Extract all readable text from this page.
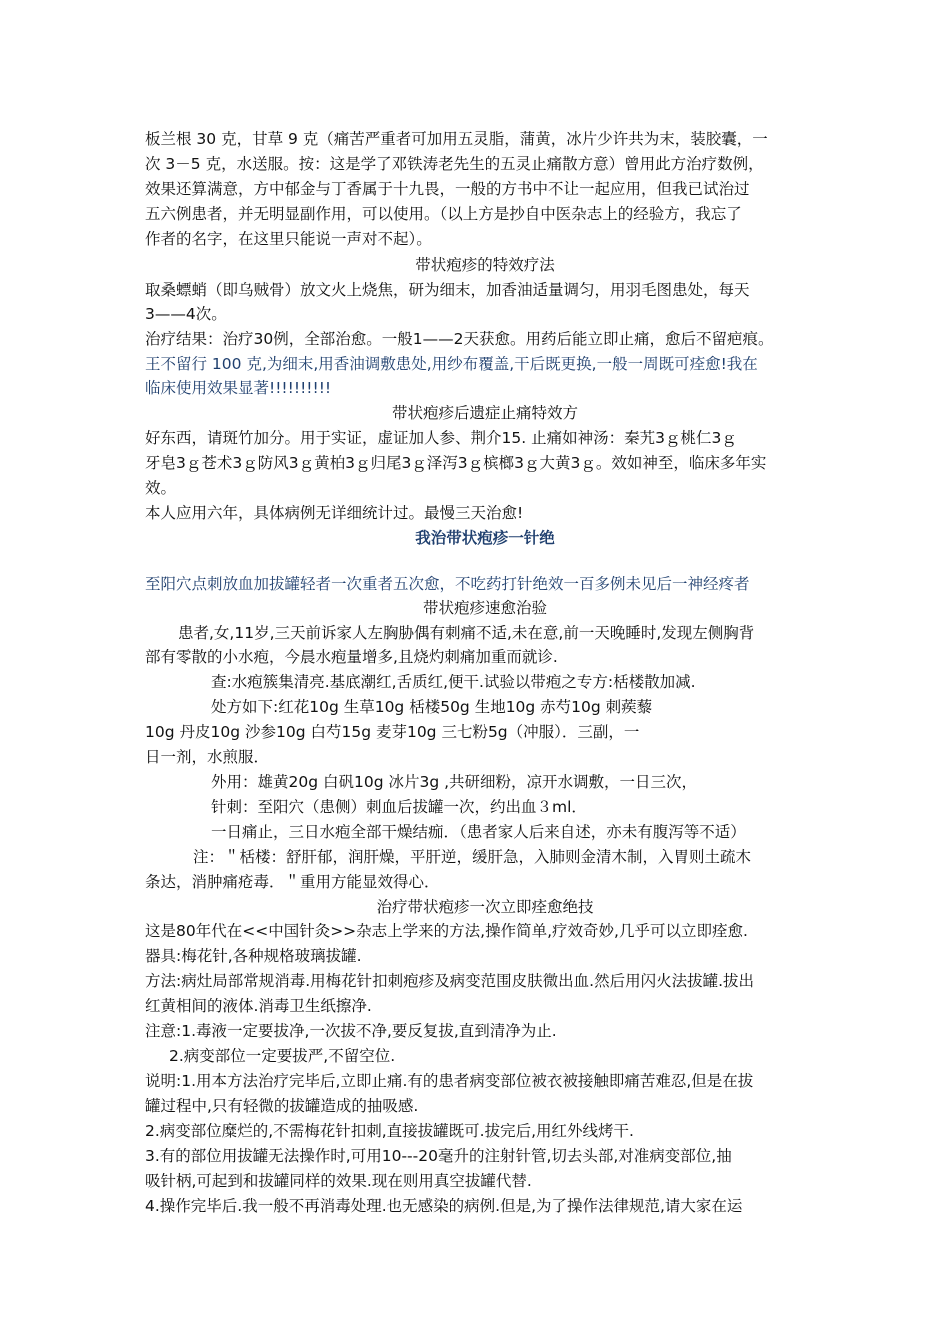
板兰根 30 克，甘草 9 克（痛苦严重者可加用五灵脂，蒲黄，冰片少许共为末，装胶囊，一
次 3－5 克，水送服。按：这是学了邓铁涛老先生的五灵止痛散方意）曾用此方治疗数例，
效果还算满意，方中郁金与丁香属于十九畏，一般的方书中不让一起应用，但我已试治过
五六例患者，并无明显副作用，可以使用。（以上方是抄自中医杂志上的经验方，我忘了
作者的名字，在这里只能说一声对不起）。
带状疱疹的特效疗法
取桑螵蛸（即乌贼骨）放文火上烧焦，研为细末，加香油适量调匀，用羽毛图患处，每天
3——4次。
治疗结果：治疗30例，全部治愈。一般1——2天获愈。用药后能立即止痛，愈后不留疤痕。
王不留行 100 克,为细末,用香油调敷患处,用纱布覆盖,干后既更换,一般一周既可痊愈!我在
临床使用效果显著!!!!!!!!!!
带状疱疹后遗症止痛特效方
好东西，请斑竹加分。用于实证，虚证加人参、荆介15. 止痛如神汤：秦艽3ｇ桃仁3ｇ
牙皂3ｇ苍术3ｇ防风3ｇ黄柏3ｇ归尾3ｇ泽泻3ｇ槟榔3ｇ大黄3ｇ。效如神至，临床多年实
效。
本人应用六年，具体病例无详细统计过。最慢三天治愈!
我治带状疱疹一针绝
至阳穴点刺放血加拔罐轻者一次重者五次愈，不吃药打针绝效一百多例未见后一神经疼者
带状疱疹速愈治验
患者,女,11岁,三天前诉家人左胸胁偶有刺痛不适,未在意,前一天晚睡时,发现左侧胸背
部有零散的小水疱，今晨水疱量增多,且烧灼刺痛加重而就诊.
查:水疱簇集清亮.基底潮红,舌质红,便干.试验以带疱之专方:栝楼散加减.
处方如下:红花10g 生草10g 栝楼50g 生地10g 赤芍10g 刺蒺藜
10g 丹皮10g 沙参10g 白芍15g 麦芽10g 三七粉5g（冲服）．三副，一
日一剂，水煎服．
外用：雄黄20g 白矾10g 冰片3g ,共研细粉，凉开水调敷，一日三次，
针刺：至阳穴（患侧）刺血后拔罐一次，约出血３ml．
一日痛止，三日水疱全部干燥结痂．（患者家人后来自述，亦未有腹泻等不适）
注：＂栝楼：舒肝郁，润肝燥，平肝逆，缓肝急，入肺则金清木制，入胃则土疏木
条达，消肿痛疮毒．＂重用方能显效得心．
治疗带状疱疹一次立即痊愈绝技
这是80年代在<<中国针灸>>杂志上学来的方法,操作简单,疗效奇妙,几乎可以立即痊愈.
器具:梅花针,各种规格玻璃拔罐.
方法:病灶局部常规消毒.用梅花针扣刺疱疹及病变范围皮肤微出血.然后用闪火法拔罐.拔出
红黄相间的液体.消毒卫生纸擦净.
注意:1.毒液一定要拔净,一次拔不净,要反复拔,直到清净为止.
2.病变部位一定要拔严,不留空位.
说明:1.用本方法治疗完毕后,立即止痛.有的患者病变部位被衣被接触即痛苦难忍,但是在拔
罐过程中,只有轻微的拔罐造成的抽吸感.
2.病变部位糜烂的,不需梅花针扣刺,直接拔罐既可.拔完后,用红外线烤干.
3.有的部位用拔罐无法操作时,可用10---20毫升的注射针管,切去头部,对准病变部位,抽
吸针柄,可起到和拔罐同样的效果.现在则用真空拔罐代替.
4.操作完毕后.我一般不再消毒处理.也无感染的病例.但是,为了操作法律规范,请大家在运
